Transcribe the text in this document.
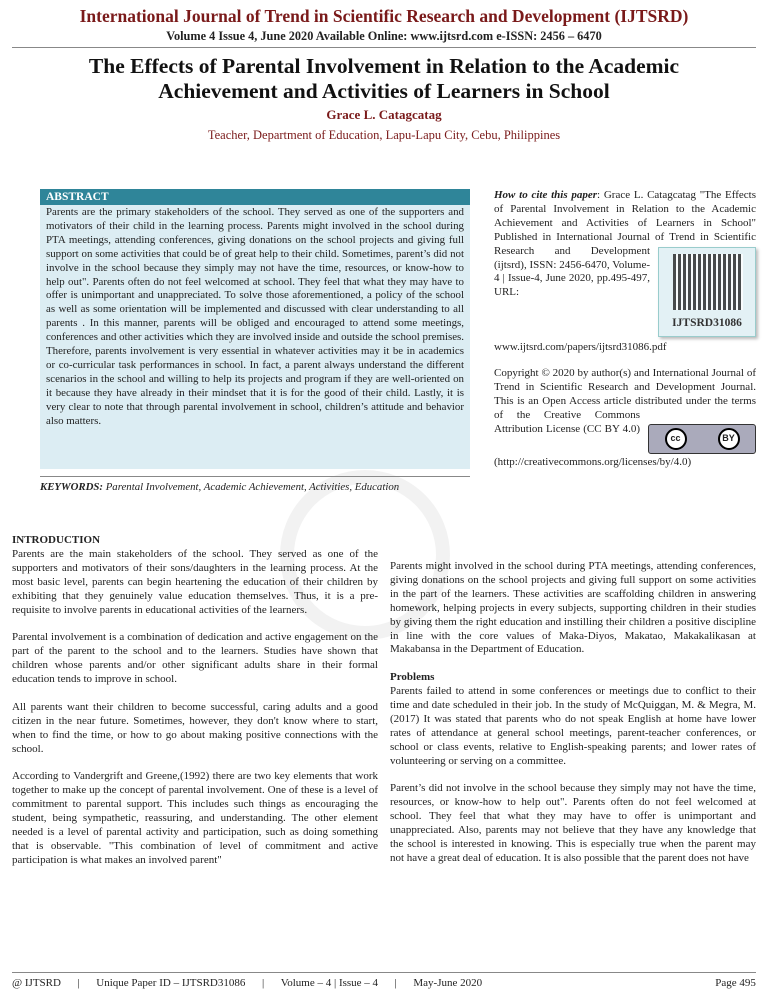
International Journal of Trend in Scientific Research and Development (IJTSRD)
Volume 4 Issue 4, June 2020 Available Online: www.ijtsrd.com e-ISSN: 2456 – 6470
The Effects of Parental Involvement in Relation to the Academic Achievement and Activities of Learners in School
Grace L. Catagcatag
Teacher, Department of Education, Lapu-Lapu City, Cebu, Philippines
ABSTRACT
Parents are the primary stakeholders of the school. They served as one of the supporters and motivators of their child in the learning process. Parents might involved in the school during PTA meetings, attending conferences, giving donations on the school projects and giving full support on some activities that could be of great help to their child. Sometimes, parent’s did not involve in the school because they simply may not have the time, resources, or know-how to help out". Parents often do not feel welcomed at school. They feel that what they may have to offer is unimportant and unappreciated. To solve those aforementioned, a policy of the school as well as some orientation will be implemented and discussed with clear understanding to all parents . In this manner, parents will be obliged and encouraged to attend some meetings, conferences and other activities which they are involved inside and outside the school premises. Therefore, parents involvement is very essential in whatever activities may it be in academics or co-curricular task performances in school. In fact, a parent always understand the different scenarios in the school and willing to help its projects and program if they are well-oriented on it because they have already in their mindset that it is for the good of their child. Lastly, it is very clear to note that through parental involvement in school, children’s attitude and behavior also matters.
KEYWORDS: Parental Involvement, Academic Achievement, Activities, Education

IJTSRD31086
How to cite this paper: Grace L. Catagcatag "The Effects of Parental Involvement in Relation to the Academic Achievement and Activities of Learners in School" Published in International Journal of Trend in Scientific Research and Development (ijtsrd), ISSN: 2456-6470, Volume-4 | Issue-4, June 2020, pp.495-497, URL: www.ijtsrd.com/papers/ijtsrd31086.pdf

cc	BY
Copyright © 2020 by author(s) and International Journal of Trend in Scientific Research and Development Journal. This is an Open Access article distributed under the terms of the Creative Commons Attribution License (CC BY 4.0) (http://creativecommons.org/licenses/by/4.0)

INTRODUCTION

Parents are the main stakeholders of the school. They served as one of the supporters and motivators of their sons/daughters in the learning process. At the most basic level, parents can begin heartening the education of their children by exhibiting that they genuinely value education themselves. Thus, it is a pre-requisite to involve parents in educational activities of the learners.

Parental involvement is a combination of dedication and active engagement on the part of the parent to the school and to the learners. Studies have shown that children whose parents and/or other significant adults share in their formal education tends to improve in school.

All parents want their children to become successful, caring adults and a good citizen in the near future. Sometimes, however, they don't know where to start, when to find the time, or how to go about making positive connections with the school.

According to Vandergrift and Greene,(1992) there are two key elements that work together to make up the concept of parental involvement. One of these is a level of commitment to parental support. This includes such things as encouraging the student, being sympathetic, reassuring, and understanding. The other element needed is a level of parental activity and participation, such as doing something that is observable. "This combination of level of commitment and active participation is what makes an involved parent"

Parents might involved in the school during PTA meetings, attending conferences, giving donations on the school projects and giving full support on some activities in the part of the learners. These activities are scaffolding children in answering homework, helping projects in every subjects, supporting children in their studies by giving them the right education and instilling their children a positive discipline in line with the core values of Maka-Diyos, Makatao, Makakalikasan at Makabansa in the Department of Education.

Problems

Parents failed to attend in some conferences or meetings due to conflict to their time and date scheduled in their job. In the study of McQuiggan, M. & Megra, M. (2017) It was stated that parents who do not speak English at home have lower rates of attendance at general school meetings, parent-teacher conferences, or school or class events, relative to English-speaking parents; and lower rates of volunteering or serving on a committee.

Parent’s did not involve in the school because they simply may not have the time, resources, or know-how to help out". Parents often do not feel welcomed at school. They feel that what they may have to offer is unimportant and unappreciated. Also, parents may not believe that they have any knowledge that the school is interested in knowing. This is especially true when the parent may not have a great deal of education. It is also possible that the parent does not have

@ IJTSRD | Unique Paper ID – IJTSRD31086 | Volume – 4 | Issue – 4 | May-June 2020	Page 495
